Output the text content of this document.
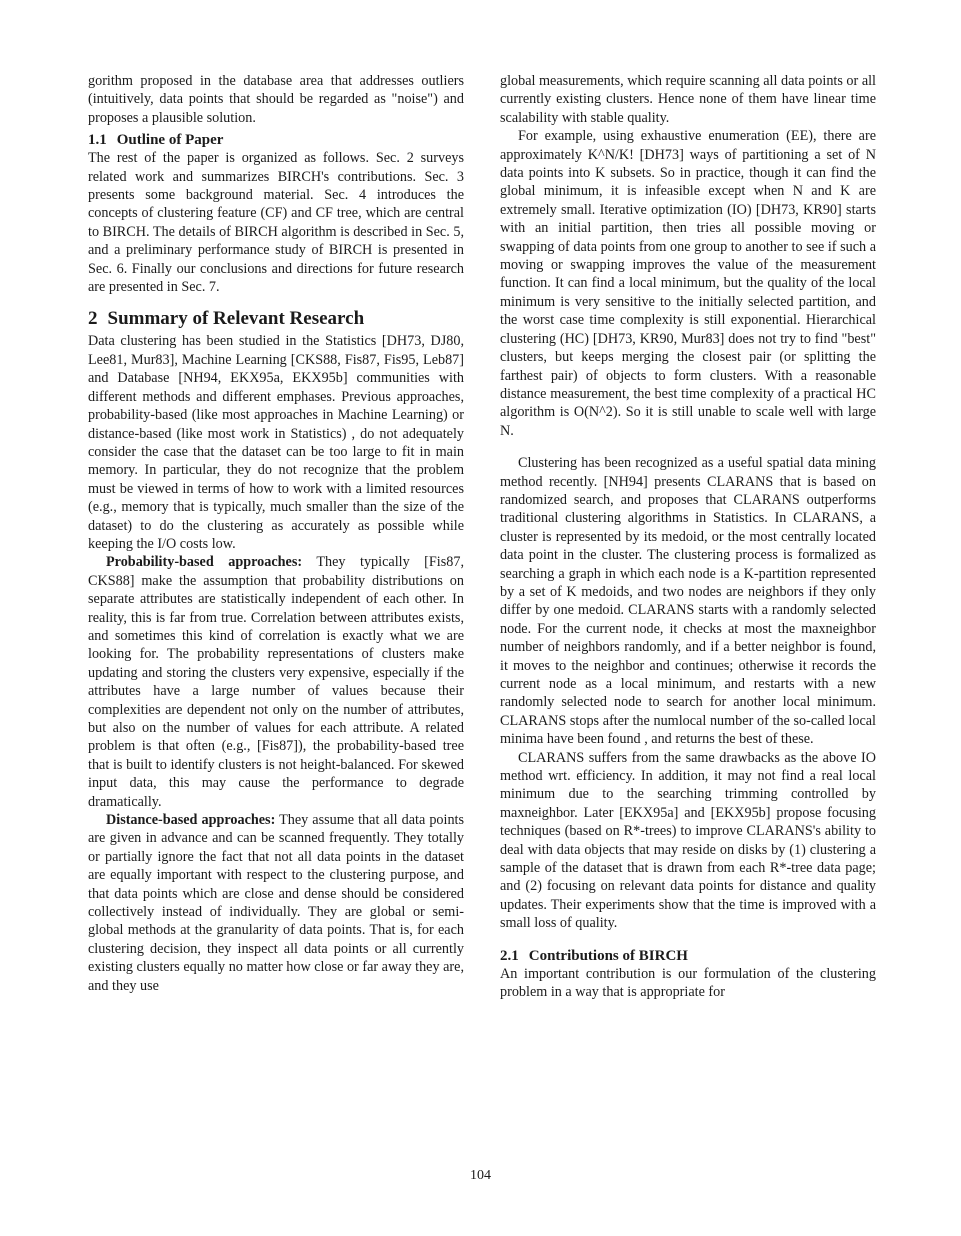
gorithm proposed in the database area that addresses outliers (intuitively, data points that should be regarded as "noise") and proposes a plausible solution.

1.1 Outline of Paper

The rest of the paper is organized as follows. Sec. 2 surveys related work and summarizes BIRCH's contributions. Sec. 3 presents some background material. Sec. 4 introduces the concepts of clustering feature (CF) and CF tree, which are central to BIRCH. The details of BIRCH algorithm is described in Sec. 5, and a preliminary performance study of BIRCH is presented in Sec. 6. Finally our conclusions and directions for future research are presented in Sec. 7.

2 Summary of Relevant Research

Data clustering has been studied in the Statistics [DH73, DJ80, Lee81, Mur83], Machine Learning [CKS88, Fis87, Fis95, Leb87] and Database [NH94, EKX95a, EKX95b] communities with different methods and different emphases. Previous approaches, probability-based (like most approaches in Machine Learning) or distance-based (like most work in Statistics) , do not adequately consider the case that the dataset can be too large to fit in main memory. In particular, they do not recognize that the problem must be viewed in terms of how to work with a limited resources (e.g., memory that is typically, much smaller than the size of the dataset) to do the clustering as accurately as possible while keeping the I/O costs low.

Probability-based approaches: They typically [Fis87, CKS88] make the assumption that probability distributions on separate attributes are statistically independent of each other. In reality, this is far from true. Correlation between attributes exists, and sometimes this kind of correlation is exactly what we are looking for. The probability representations of clusters make updating and storing the clusters very expensive, especially if the attributes have a large number of values because their complexities are dependent not only on the number of attributes, but also on the number of values for each attribute. A related problem is that often (e.g., [Fis87]), the probability-based tree that is built to identify clusters is not height-balanced. For skewed input data, this may cause the performance to degrade dramatically.

Distance-based approaches: They assume that all data points are given in advance and can be scanned frequently. They totally or partially ignore the fact that not all data points in the dataset are equally important with respect to the clustering purpose, and that data points which are close and dense should be considered collectively instead of individually. They are global or semi-global methods at the granularity of data points. That is, for each clustering decision, they inspect all data points or all currently existing clusters equally no matter how close or far away they are, and they use

global measurements, which require scanning all data points or all currently existing clusters. Hence none of them have linear time scalability with stable quality.

For example, using exhaustive enumeration (EE), there are approximately K^N/K! [DH73] ways of partitioning a set of N data points into K subsets. So in practice, though it can find the global minimum, it is infeasible except when N and K are extremely small. Iterative optimization (IO) [DH73, KR90] starts with an initial partition, then tries all possible moving or swapping of data points from one group to another to see if such a moving or swapping improves the value of the measurement function. It can find a local minimum, but the quality of the local minimum is very sensitive to the initially selected partition, and the worst case time complexity is still exponential. Hierarchical clustering (HC) [DH73, KR90, Mur83] does not try to find "best" clusters, but keeps merging the closest pair (or splitting the farthest pair) of objects to form clusters. With a reasonable distance measurement, the best time complexity of a practical HC algorithm is O(N^2). So it is still unable to scale well with large N.

Clustering has been recognized as a useful spatial data mining method recently. [NH94] presents CLARANS that is based on randomized search, and proposes that CLARANS outperforms traditional clustering algorithms in Statistics. In CLARANS, a cluster is represented by its medoid, or the most centrally located data point in the cluster. The clustering process is formalized as searching a graph in which each node is a K-partition represented by a set of K medoids, and two nodes are neighbors if they only differ by one medoid. CLARANS starts with a randomly selected node. For the current node, it checks at most the maxneighbor number of neighbors randomly, and if a better neighbor is found, it moves to the neighbor and continues; otherwise it records the current node as a local minimum, and restarts with a new randomly selected node to search for another local minimum. CLARANS stops after the numlocal number of the so-called local minima have been found , and returns the best of these.

CLARANS suffers from the same drawbacks as the above IO method wrt. efficiency. In addition, it may not find a real local minimum due to the searching trimming controlled by maxneighbor. Later [EKX95a] and [EKX95b] propose focusing techniques (based on R*-trees) to improve CLARANS's ability to deal with data objects that may reside on disks by (1) clustering a sample of the dataset that is drawn from each R*-tree data page; and (2) focusing on relevant data points for distance and quality updates. Their experiments show that the time is improved with a small loss of quality.

2.1 Contributions of BIRCH

An important contribution is our formulation of the clustering problem in a way that is appropriate for

104
